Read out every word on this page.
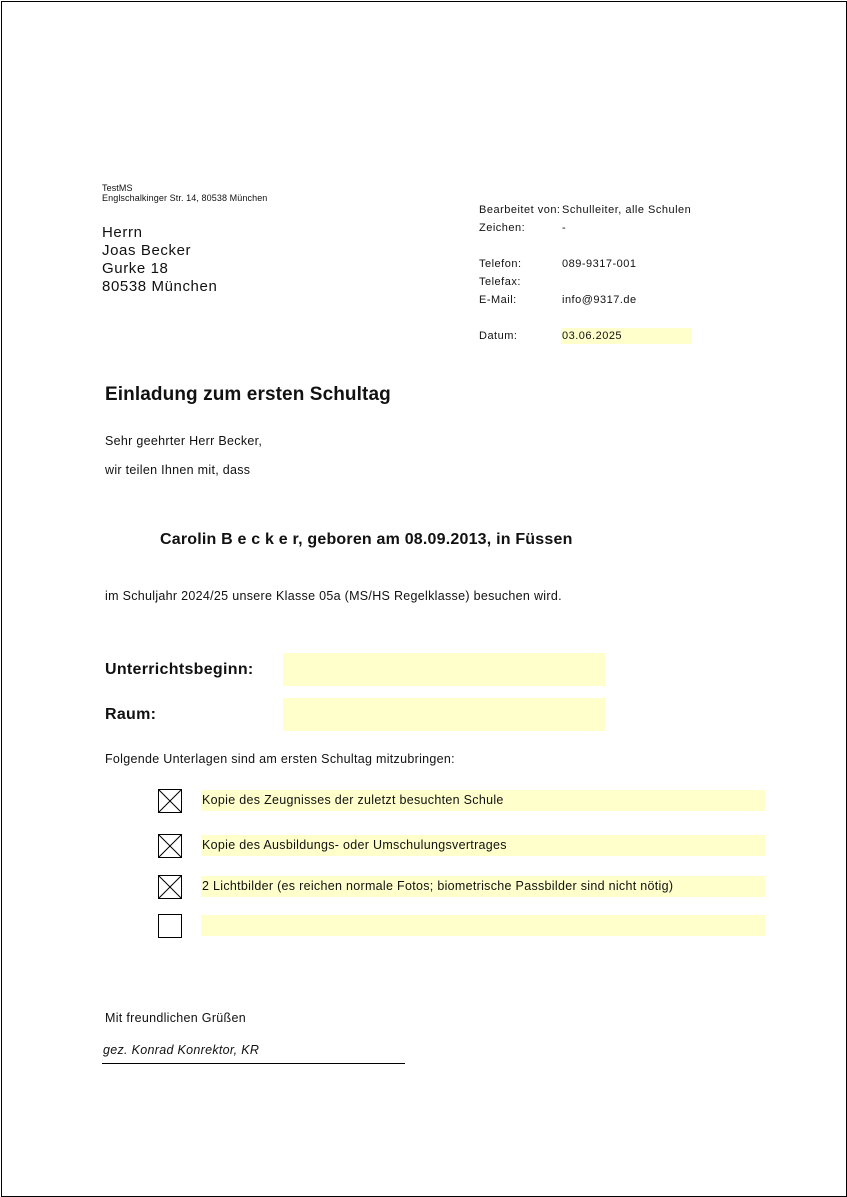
TestMS
Englschalkinger Str. 14, 80538 München
Herrn
Joas Becker
Gurke 18
80538 München
Bearbeitet von: Schulleiter, alle Schulen
Zeichen:	-
Telefon:	089-9317-001
Telefax:
E-Mail:	info@9317.de
Datum:	03.06.2025
Einladung zum ersten Schultag
Sehr geehrter Herr Becker,
wir teilen Ihnen mit, dass
Carolin B e c k e r, geboren am 08.09.2013, in Füssen
im Schuljahr 2024/25 unsere Klasse 05a (MS/HS Regelklasse) besuchen wird.
Unterrichtsbeginn:
Raum:
Folgende Unterlagen sind am ersten Schultag mitzubringen:
Kopie des Zeugnisses der zuletzt besuchten Schule
Kopie des Ausbildungs- oder Umschulungsvertrages
2 Lichtbilder (es reichen normale Fotos; biometrische Passbilder sind nicht nötig)
Mit freundlichen Grüßen
gez. Konrad Konrektor, KR
